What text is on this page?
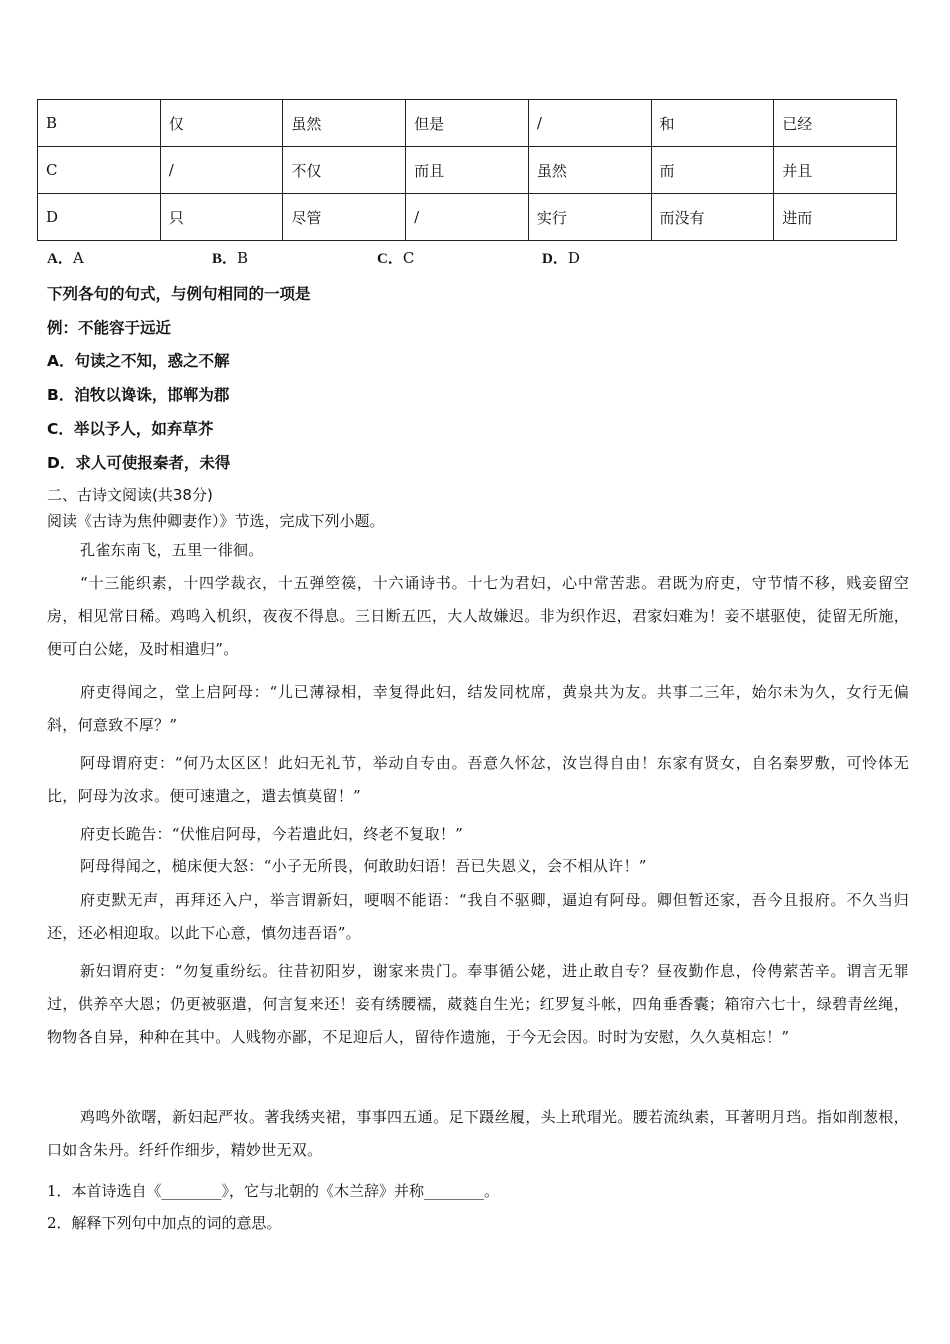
B	仅	虽然	但是	/	和	已经
C	/	不仅	而且	虽然	而	并且
D	只	尽管	/	实行	而没有	进而
A．A	B．B	C．C	D．D
下列各句的句式，与例句相同的一项是
例：不能容于远近
A．句读之不知，惑之不解
B．洎牧以谗诛，邯郸为郡
C．举以予人，如弃草芥
D．求人可使报秦者，未得
二、古诗文阅读(共38分)
阅读《古诗为焦仲卿妻作）》节选，完成下列小题。
孔雀东南飞，五里一徘徊。
“十三能织素，十四学裁衣，十五弹箜篌，十六诵诗书。十七为君妇，心中常苦悲。君既为府吏，守节情不移，贱妾留空房，相见常日稀。鸡鸣入机织，夜夜不得息。三日断五匹，大人故嫌迟。非为织作迟，君家妇难为！妾不堪驱使，徒留无所施，便可白公姥，及时相遣归”。
府吏得闻之，堂上启阿母：“儿已薄禄相，幸复得此妇，结发同枕席，黄泉共为友。共事二三年，始尔未为久，女行无偏斜，何意致不厚？”
阿母谓府吏：“何乃太区区！此妇无礼节，举动自专由。吾意久怀忿，汝岂得自由！东家有贤女，自名秦罗敷，可怜体无比，阿母为汝求。便可速遣之，遣去慎莫留！”
府吏长跪告：“伏惟启阿母，今若遣此妇，终老不复取！”
阿母得闻之，槌床便大怒：“小子无所畏，何敢助妇语！吾已失恩义，会不相从许！”
府吏默无声，再拜还入户，举言谓新妇，哽咽不能语：“我自不驱卿，逼迫有阿母。卿但暂还家，吾今且报府。不久当归还，还必相迎取。以此下心意，慎勿违吾语”。
新妇谓府吏：“勿复重纷纭。往昔初阳岁，谢家来贵门。奉事循公姥，进止敢自专？昼夜勤作息，伶俜萦苦辛。谓言无罪过，供养卒大恩；仍更被驱遣，何言复来还！妾有绣腰襦，葳蕤自生光；红罗复斗帐，四角垂香囊；箱帘六七十，绿碧青丝绳，物物各自异，种种在其中。人贱物亦鄙，不足迎后人，留待作遗施，于今无会因。时时为安慰，久久莫相忘！”
鸡鸣外欲曙，新妇起严妆。著我绣夹裙，事事四五通。足下蹑丝履，头上玳瑁光。腰若流纨素，耳著明月珰。指如削葱根，口如含朱丹。纤纤作细步，精妙世无双。
1．本首诗选自《________》，它与北朝的《木兰辞》并称________。
2．解释下列句中加点的词的意思。
